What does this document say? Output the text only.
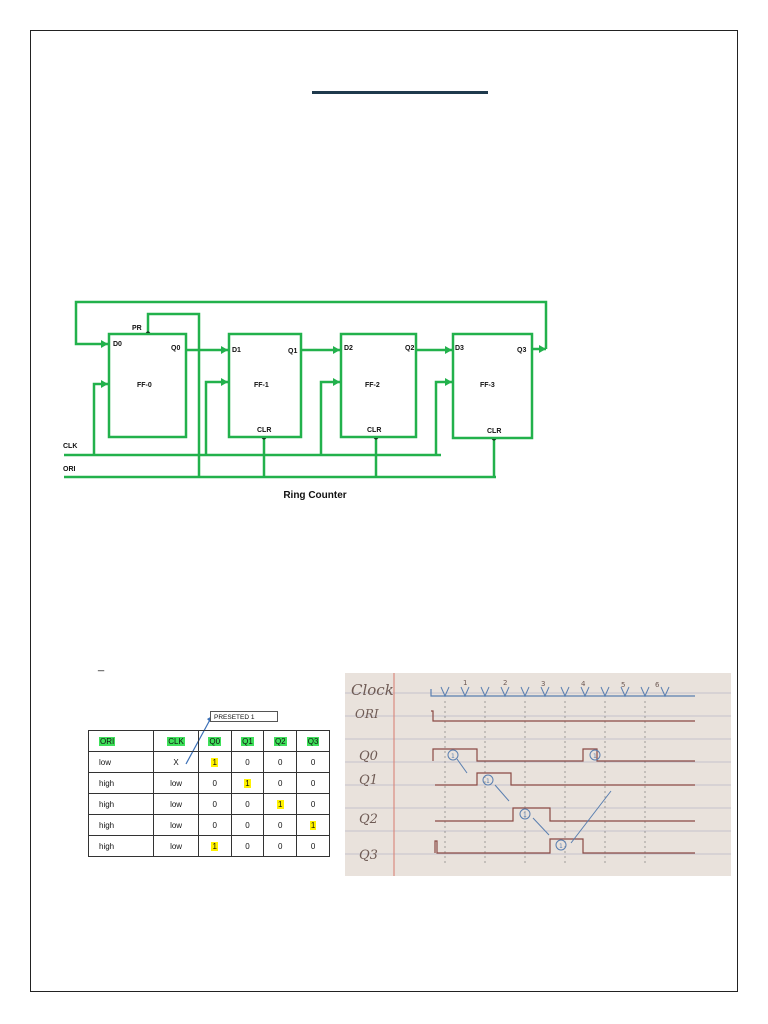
PR
D0
Q0
FF-0
D1	Q1
FF-1
CLR
D2	Q2
FF-2
CLR
D3	Q3
FF-3
CLR
CLK
ORI
Ring Counter
_
PRESETED 1
ORI	CLK	Q0	Q1	Q2	Q3
low	X	1	0	0	0
high	low	0	1	0	0
high	low	0	0	1	0
high	low	0	0	0	1
high	low	1	0	0	0
Clock
ORI
Q0
Q1
Q2
Q3
1	2	3	4	5	6
1
1
1
1
1
